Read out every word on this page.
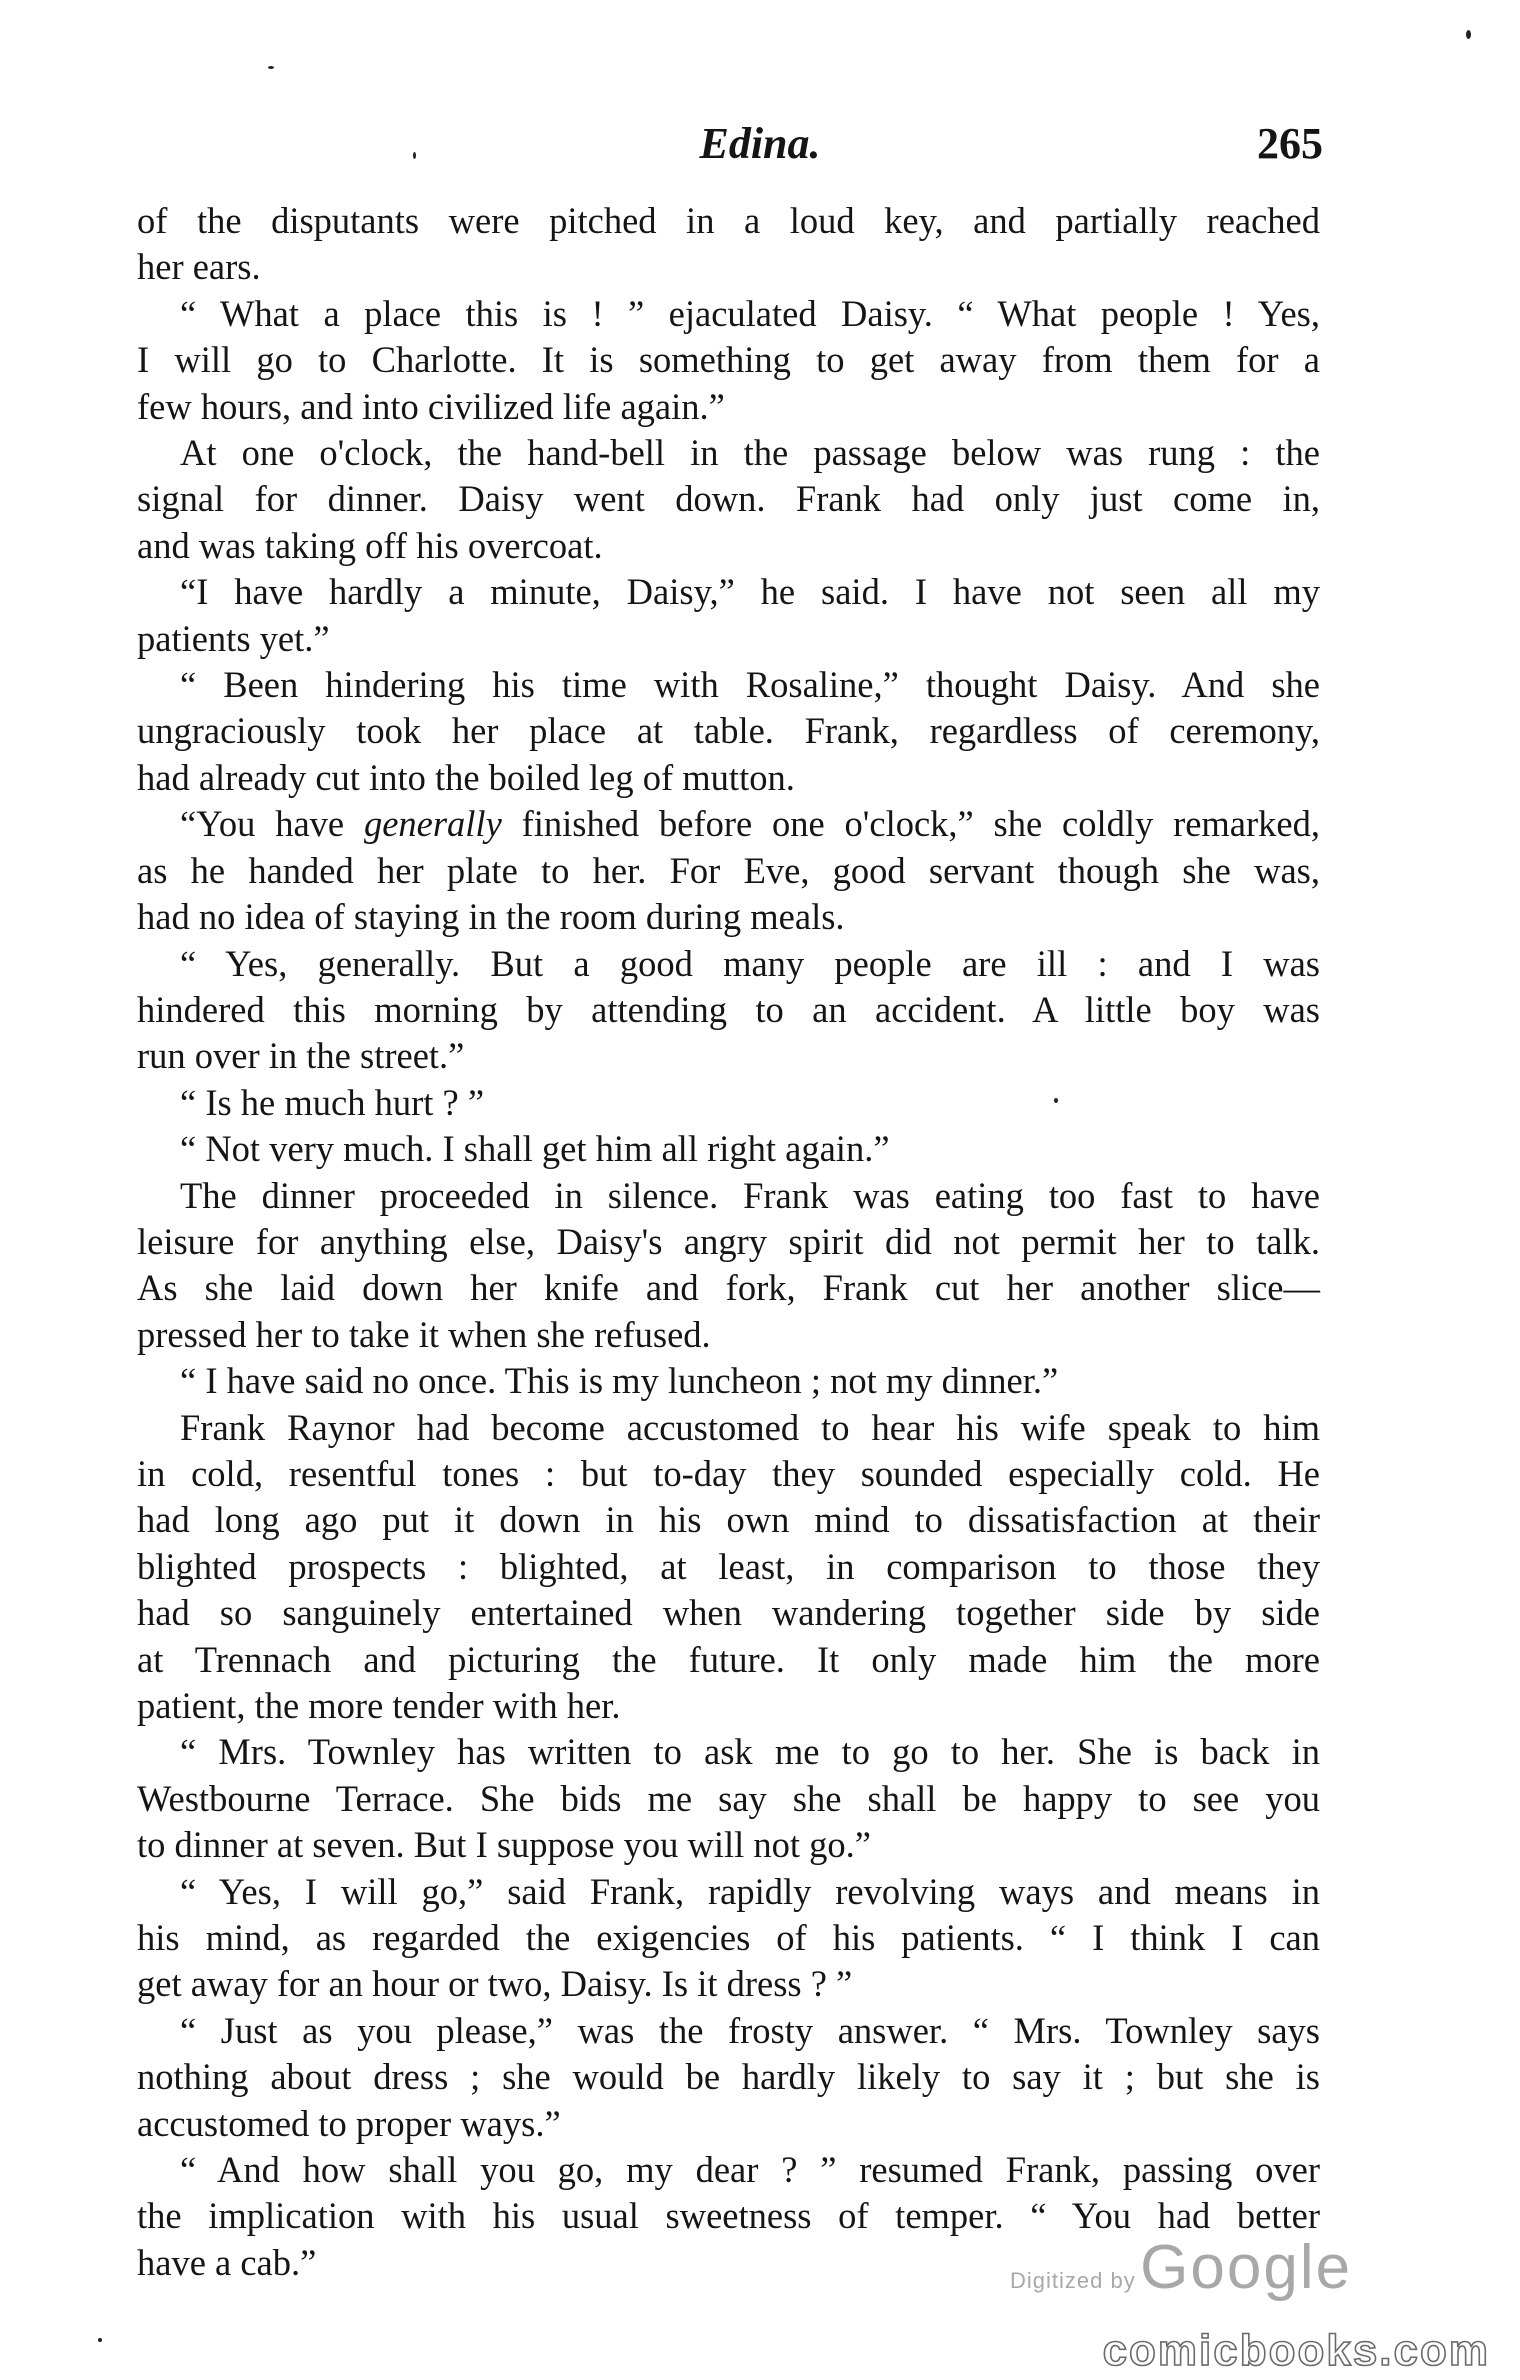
Edina.	265
of the disputants were pitched in a loud key, and partially reached
her ears.
“ What a place this is ! ” ejaculated Daisy. “ What people ! Yes,
I will go to Charlotte. It is something to get away from them for a
few hours, and into civilized life again.”
At one o'clock, the hand-bell in the passage below was rung : the
signal for dinner. Daisy went down. Frank had only just come in,
and was taking off his overcoat.
“I have hardly a minute, Daisy,” he said. I have not seen all my
patients yet.”
“ Been hindering his time with Rosaline,” thought Daisy. And she
ungraciously took her place at table. Frank, regardless of ceremony,
had already cut into the boiled leg of mutton.
“You have generally finished before one o'clock,” she coldly remarked,
as he handed her plate to her. For Eve, good servant though she was,
had no idea of staying in the room during meals.
“ Yes, generally. But a good many people are ill : and I was
hindered this morning by attending to an accident. A little boy was
run over in the street.”
“ Is he much hurt ? ”
“ Not very much. I shall get him all right again.”
The dinner proceeded in silence. Frank was eating too fast to have
leisure for anything else, Daisy's angry spirit did not permit her to talk.
As she laid down her knife and fork, Frank cut her another slice—
pressed her to take it when she refused.
“ I have said no once. This is my luncheon ; not my dinner.”
Frank Raynor had become accustomed to hear his wife speak to him
in cold, resentful tones : but to-day they sounded especially cold. He
had long ago put it down in his own mind to dissatisfaction at their
blighted prospects : blighted, at least, in comparison to those they
had so sanguinely entertained when wandering together side by side
at Trennach and picturing the future. It only made him the more
patient, the more tender with her.
“ Mrs. Townley has written to ask me to go to her. She is back in
Westbourne Terrace. She bids me say she shall be happy to see you
to dinner at seven. But I suppose you will not go.”
“ Yes, I will go,” said Frank, rapidly revolving ways and means in
his mind, as regarded the exigencies of his patients. “ I think I can
get away for an hour or two, Daisy. Is it dress ? ”
“ Just as you please,” was the frosty answer. “ Mrs. Townley says
nothing about dress ; she would be hardly likely to say it ; but she is
accustomed to proper ways.”
“ And how shall you go, my dear ? ” resumed Frank, passing over
the implication with his usual sweetness of temper. “ You had better
have a cab.”	Digitized by Google
comicbooks.com
